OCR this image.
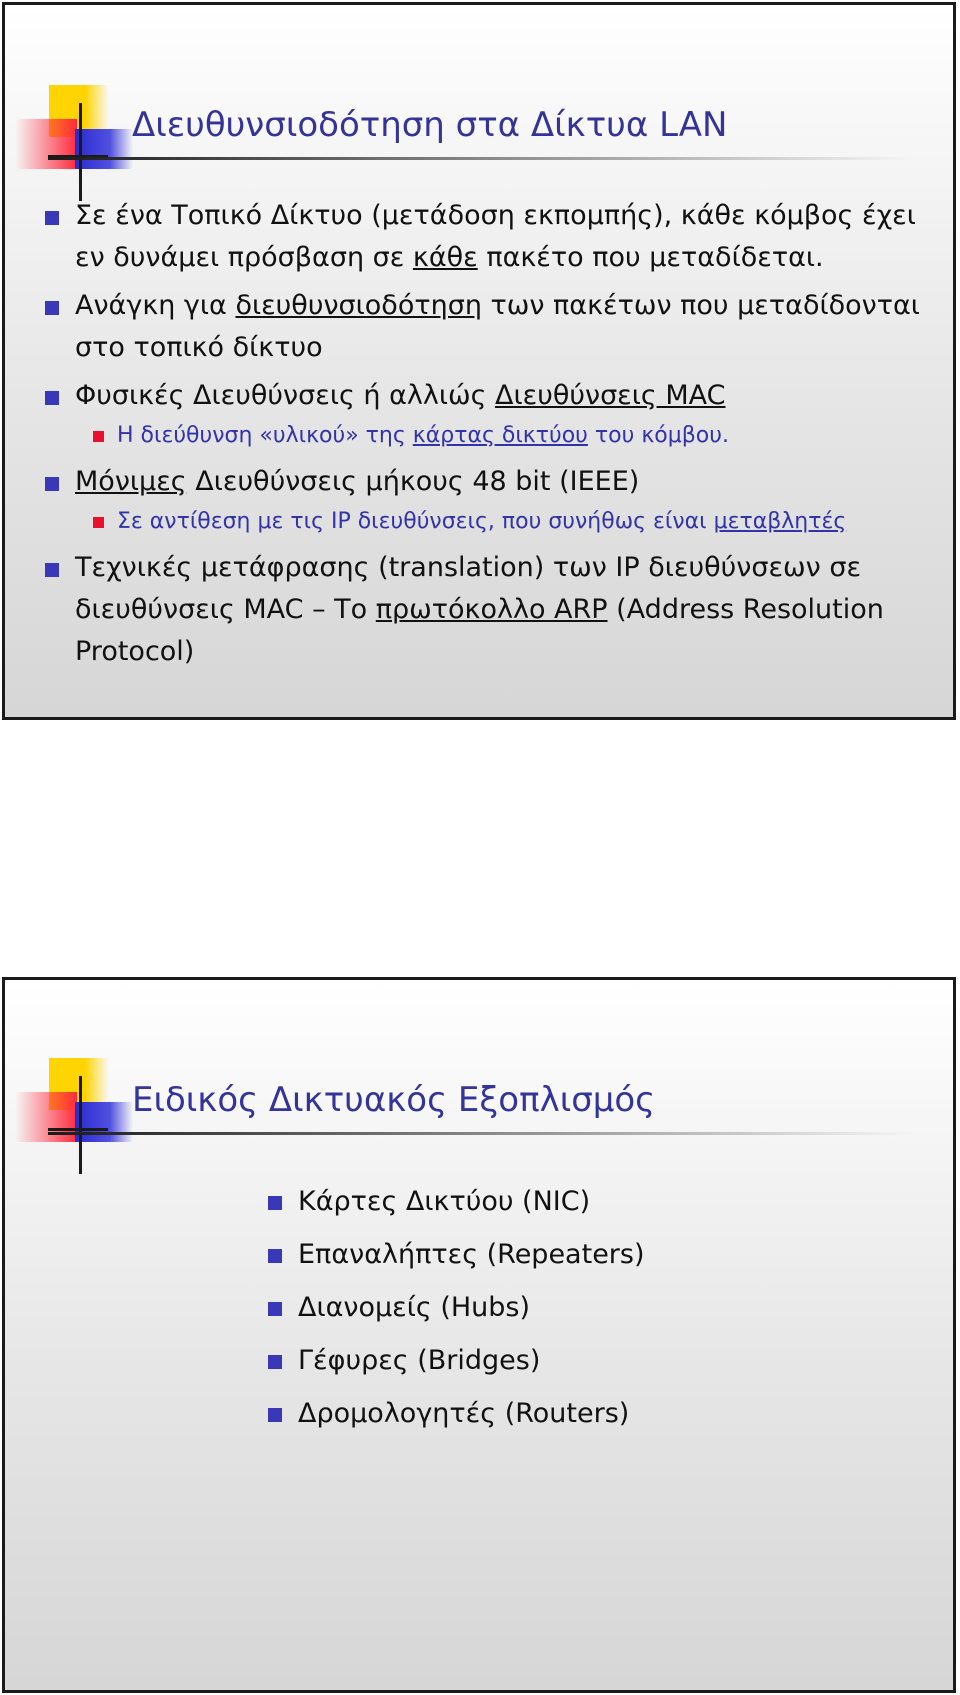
Διευθυνσιοδότηση στα Δίκτυα LAN
Σε ένα Τοπικό Δίκτυο (μετάδοση εκπομπής), κάθε κόμβος έχει εν δυνάμει πρόσβαση σε κάθε πακέτο που μεταδίδεται.
Ανάγκη για διευθυνσιοδότηση των πακέτων που μεταδίδονται στο τοπικό δίκτυο
Φυσικές Διευθύνσεις ή αλλιώς Διευθύνσεις MAC
Η διεύθυνση «υλικού» της κάρτας δικτύου του κόμβου.
Μόνιμες Διευθύνσεις μήκους 48 bit (IEEE)
Σε αντίθεση με τις IP διευθύνσεις, που συνήθως είναι μεταβλητές
Τεχνικές μετάφρασης (translation) των IP διευθύνσεων σε διευθύνσεις MAC – Το πρωτόκολλο ARP (Address Resolution Protocol)
Ειδικός Δικτυακός Εξοπλισμός
Κάρτες Δικτύου (NIC)
Επαναλήπτες (Repeaters)
Διανομείς (Hubs)
Γέφυρες (Bridges)
Δρομολογητές (Routers)
